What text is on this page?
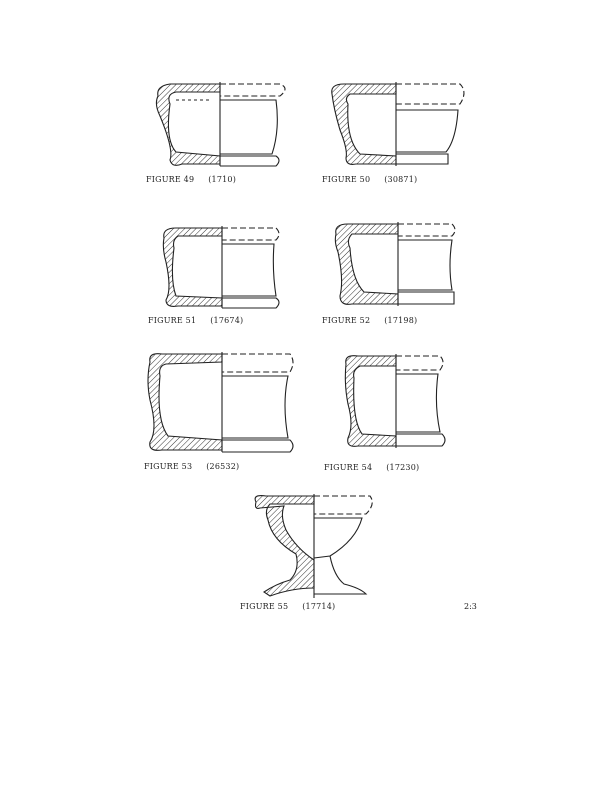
FIGURE 49 (1710)	FIGURE 50 (30871)
FIGURE 51 (17674)	FIGURE 52 (17198)
FIGURE 53 (26532)	FIGURE 54 (17230)
FIGURE 55 (17714)	2:3
